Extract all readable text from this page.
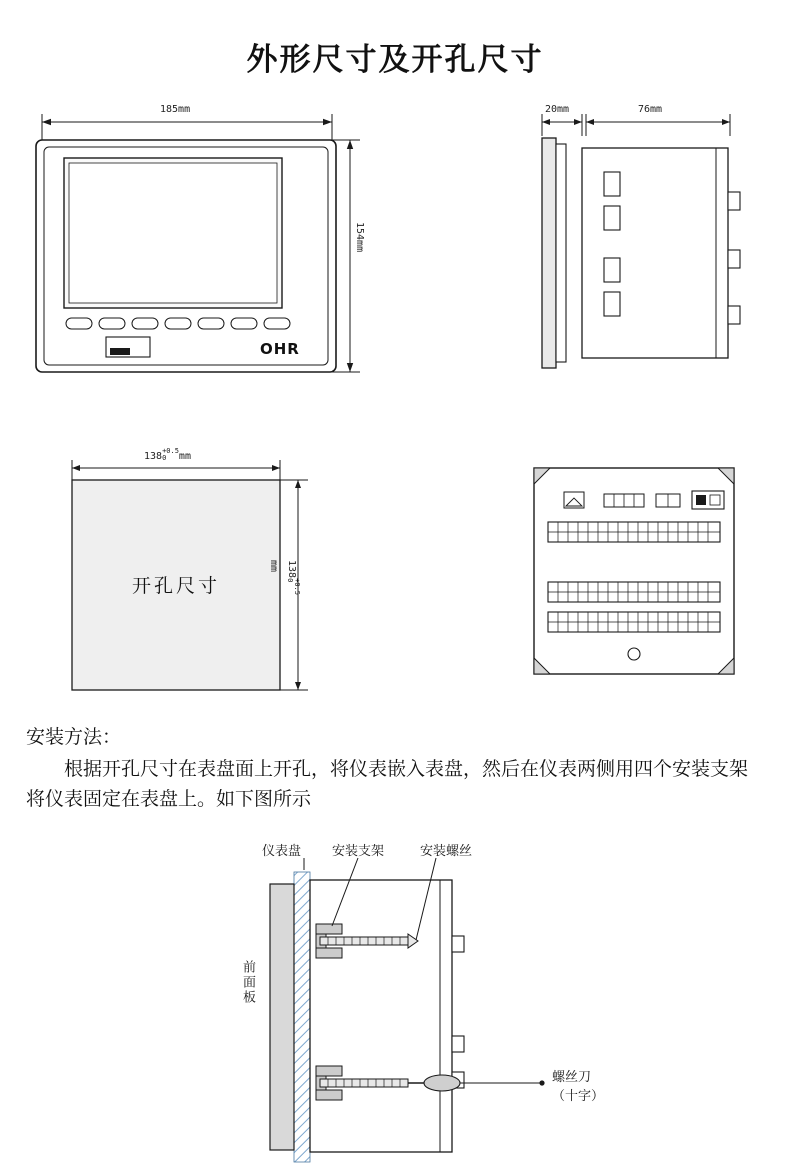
外形尺寸及开孔尺寸
OHR
185mm
154mm
20mm	76mm
开孔尺寸
138
+0.5
0	mm
138
+0.5
0
mm
安装方法：
根据开孔尺寸在表盘面上开孔，将仪表嵌入表盘，然后在仪表两侧用四个安装支架将仪表固定在表盘上。如下图所示
仪表盘 安装支架	安装螺丝
前面板
螺丝刀
（十字）
